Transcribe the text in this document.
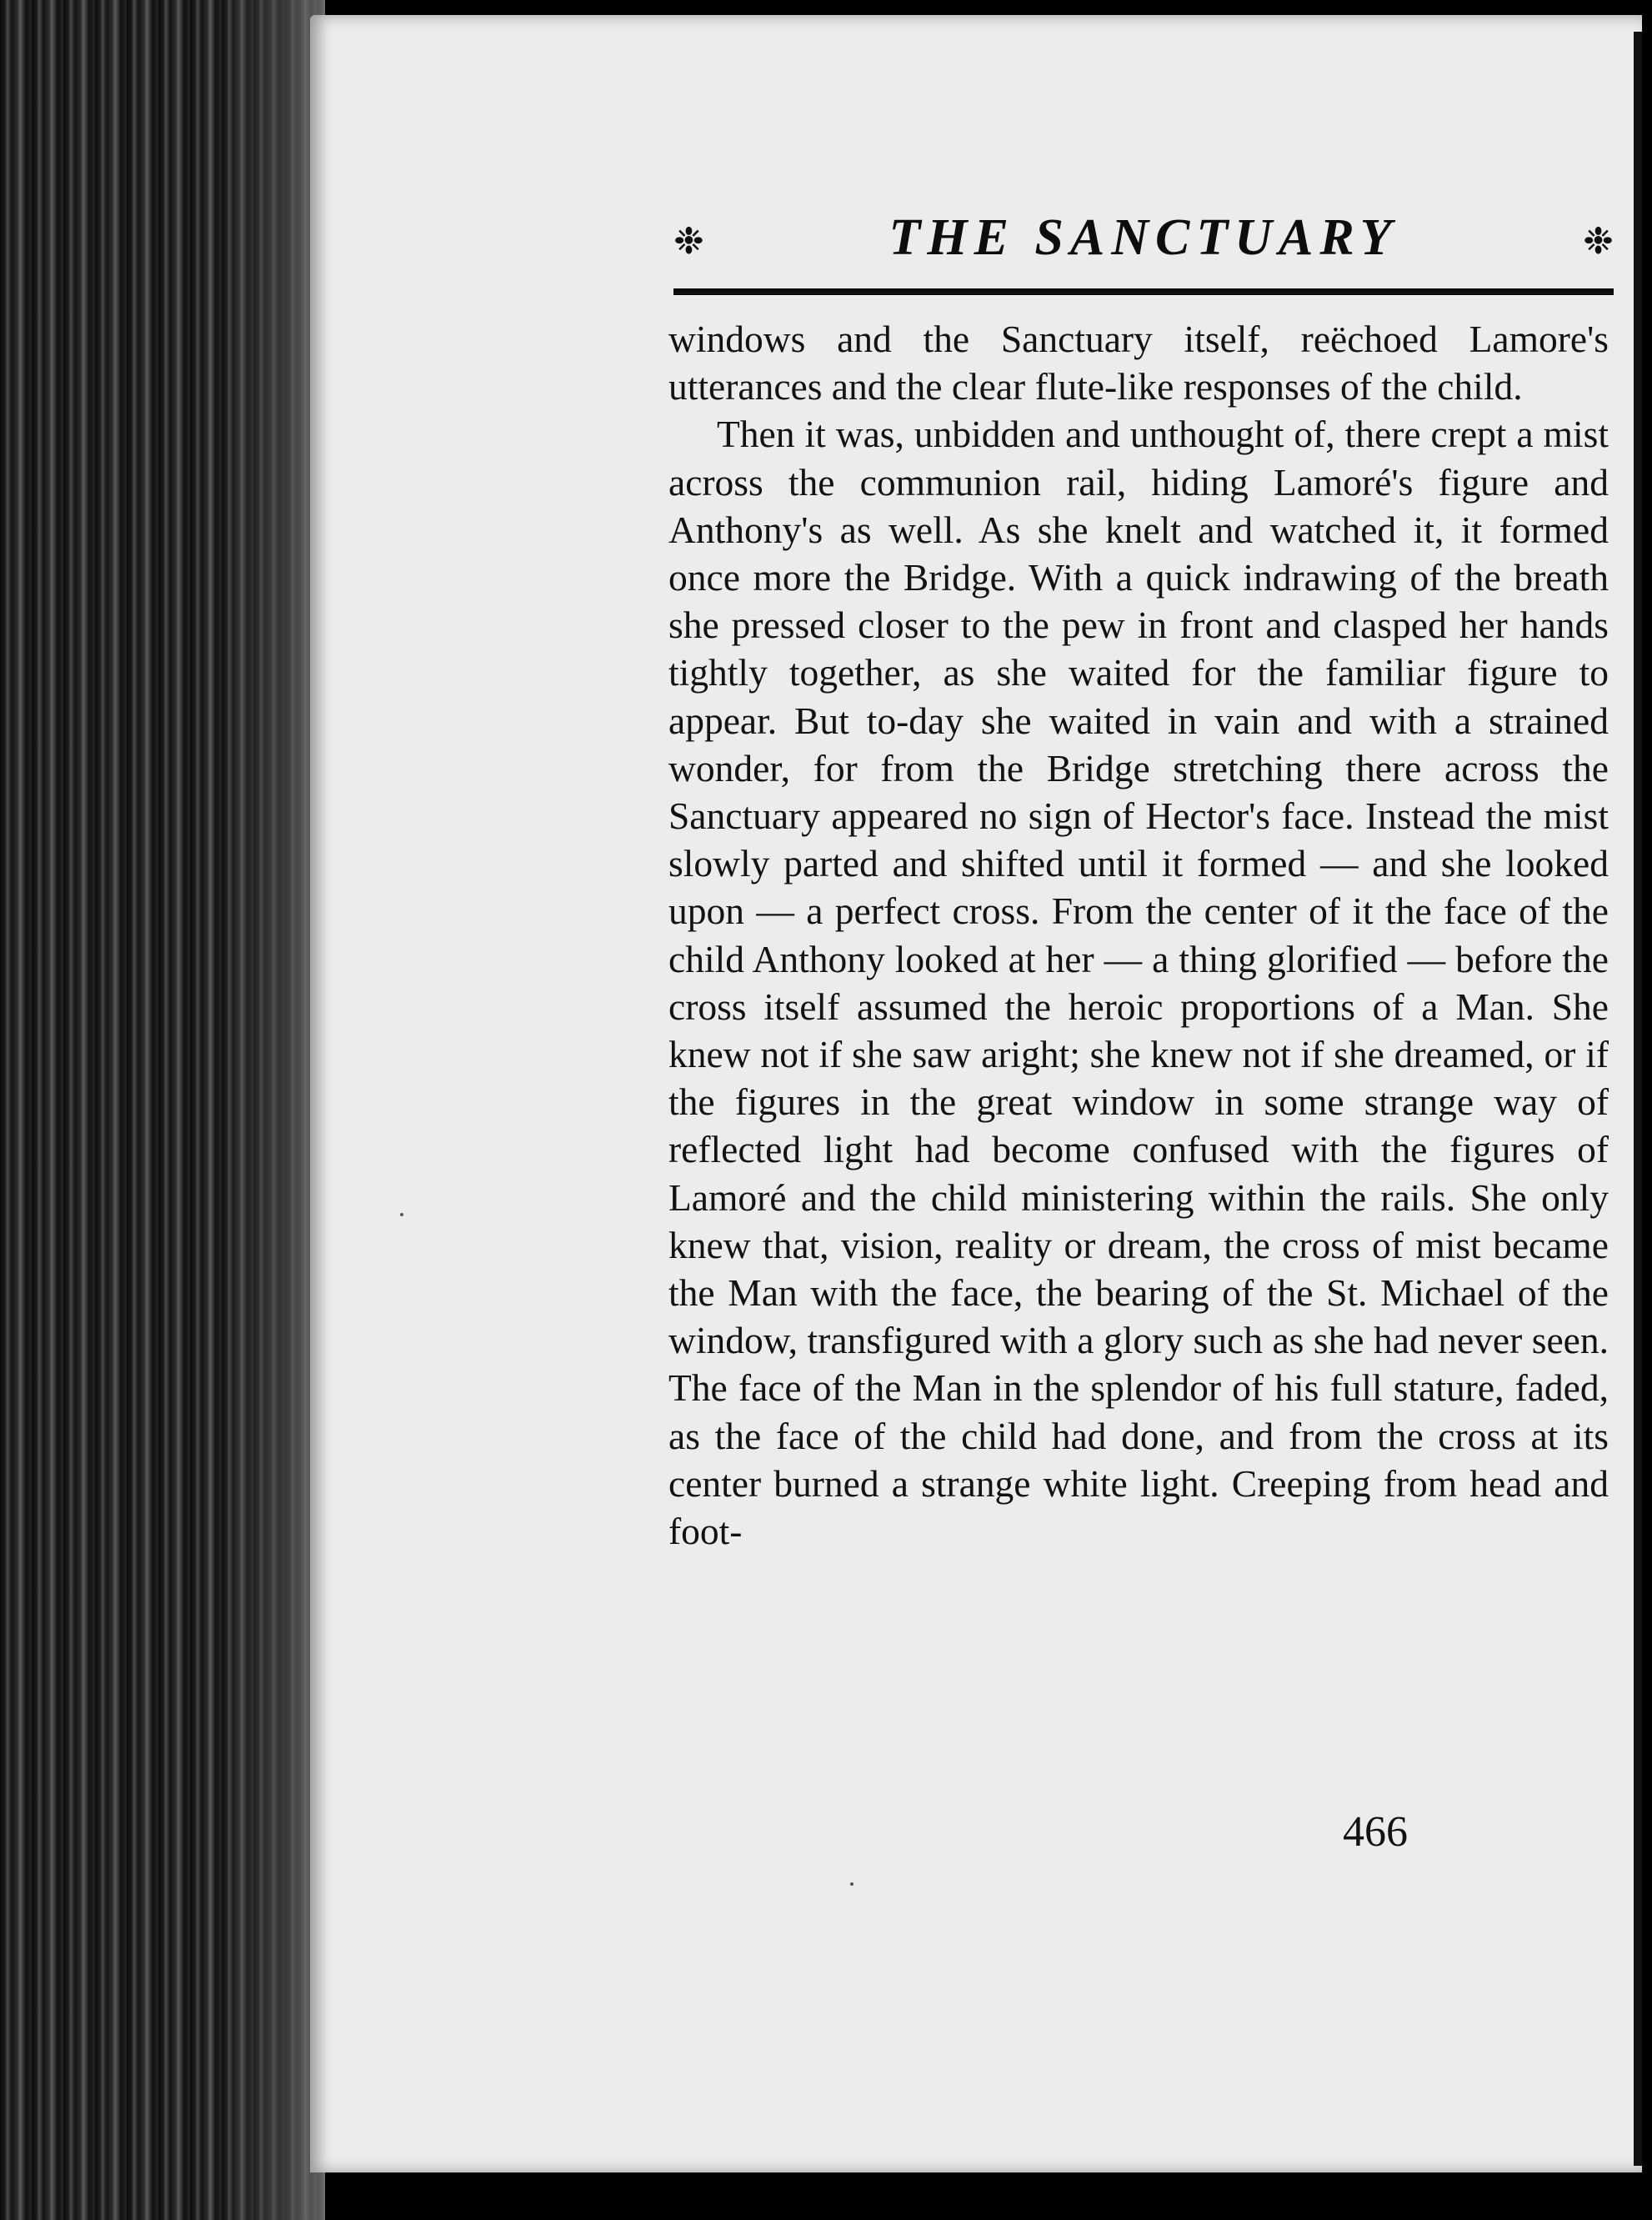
❉	THE SANCTUARY	❉

windows and the Sanctuary itself, reëchoed Lamore's utterances and the clear flute-like responses of the child.

Then it was, unbidden and unthought of, there crept a mist across the communion rail, hiding Lamoré's figure and Anthony's as well. As she knelt and watched it, it formed once more the Bridge. With a quick indrawing of the breath she pressed closer to the pew in front and clasped her hands tightly together, as she waited for the familiar figure to appear. But to-day she waited in vain and with a strained wonder, for from the Bridge stretching there across the Sanctuary appeared no sign of Hector's face. Instead the mist slowly parted and shifted until it formed — and she looked upon — a perfect cross. From the center of it the face of the child Anthony looked at her — a thing glorified — before the cross itself assumed the heroic proportions of a Man. She knew not if she saw aright; she knew not if she dreamed, or if the figures in the great window in some strange way of reflected light had become confused with the figures of Lamoré and the child ministering within the rails. She only knew that, vision, reality or dream, the cross of mist became the Man with the face, the bearing of the St. Michael of the window, transfigured with a glory such as she had never seen. The face of the Man in the splendor of his full stature, faded, as the face of the child had done, and from the cross at its center burned a strange white light. Creeping from head and foot-

466
